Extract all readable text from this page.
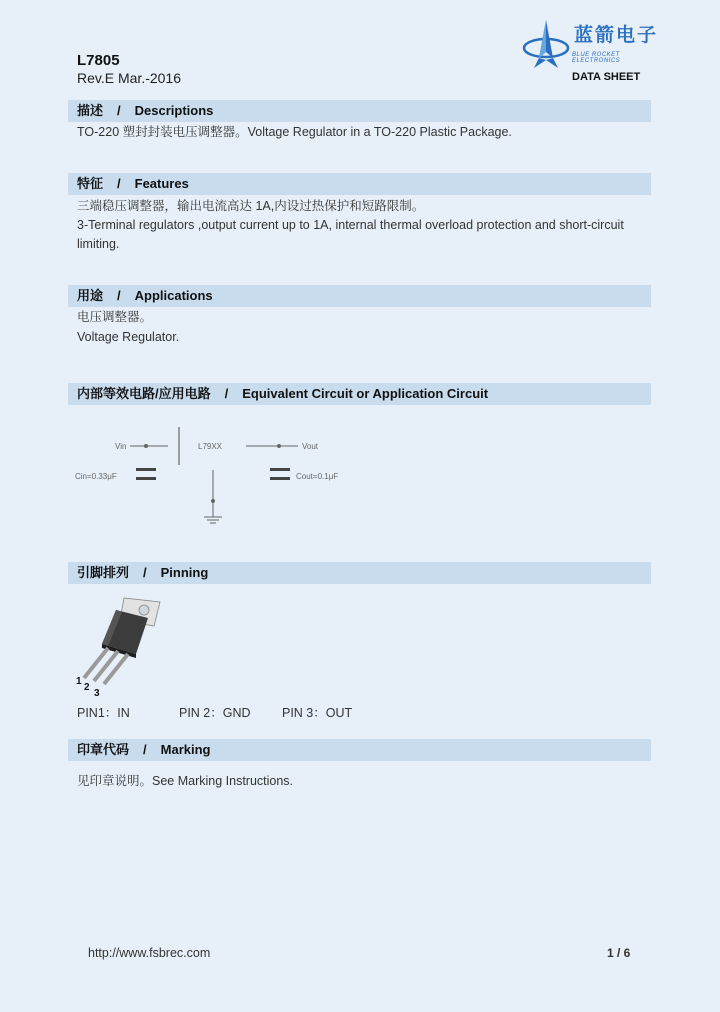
L7805
Rev.E Mar.-2016
蓝箭电子
BLUE ROCKET ELECTRONICS
DATA SHEET
描述 / Descriptions
TO-220 塑封封装电压调整器。Voltage Regulator in a TO-220 Plastic Package.
特征 / Features
三端稳压调整器，输出电流高达 1A,内设过热保护和短路限制。
3-Terminal regulators ,output current up to 1A, internal thermal overload protection and short-circuit
limiting.
用途 / Applications
电压调整器。
Voltage Regulator.
内部等效电路/应用电路 / Equivalent Circuit or Application Circuit
Vin	L79XX	Vout
Cin=0.33μF	Cout=0.1μF
引脚排列 / Pinning
1
2
3
PIN1：IN	PIN 2：GND	PIN 3：OUT
印章代码 / Marking
见印章说明。See Marking Instructions.
http://www.fsbrec.com	1 / 6
